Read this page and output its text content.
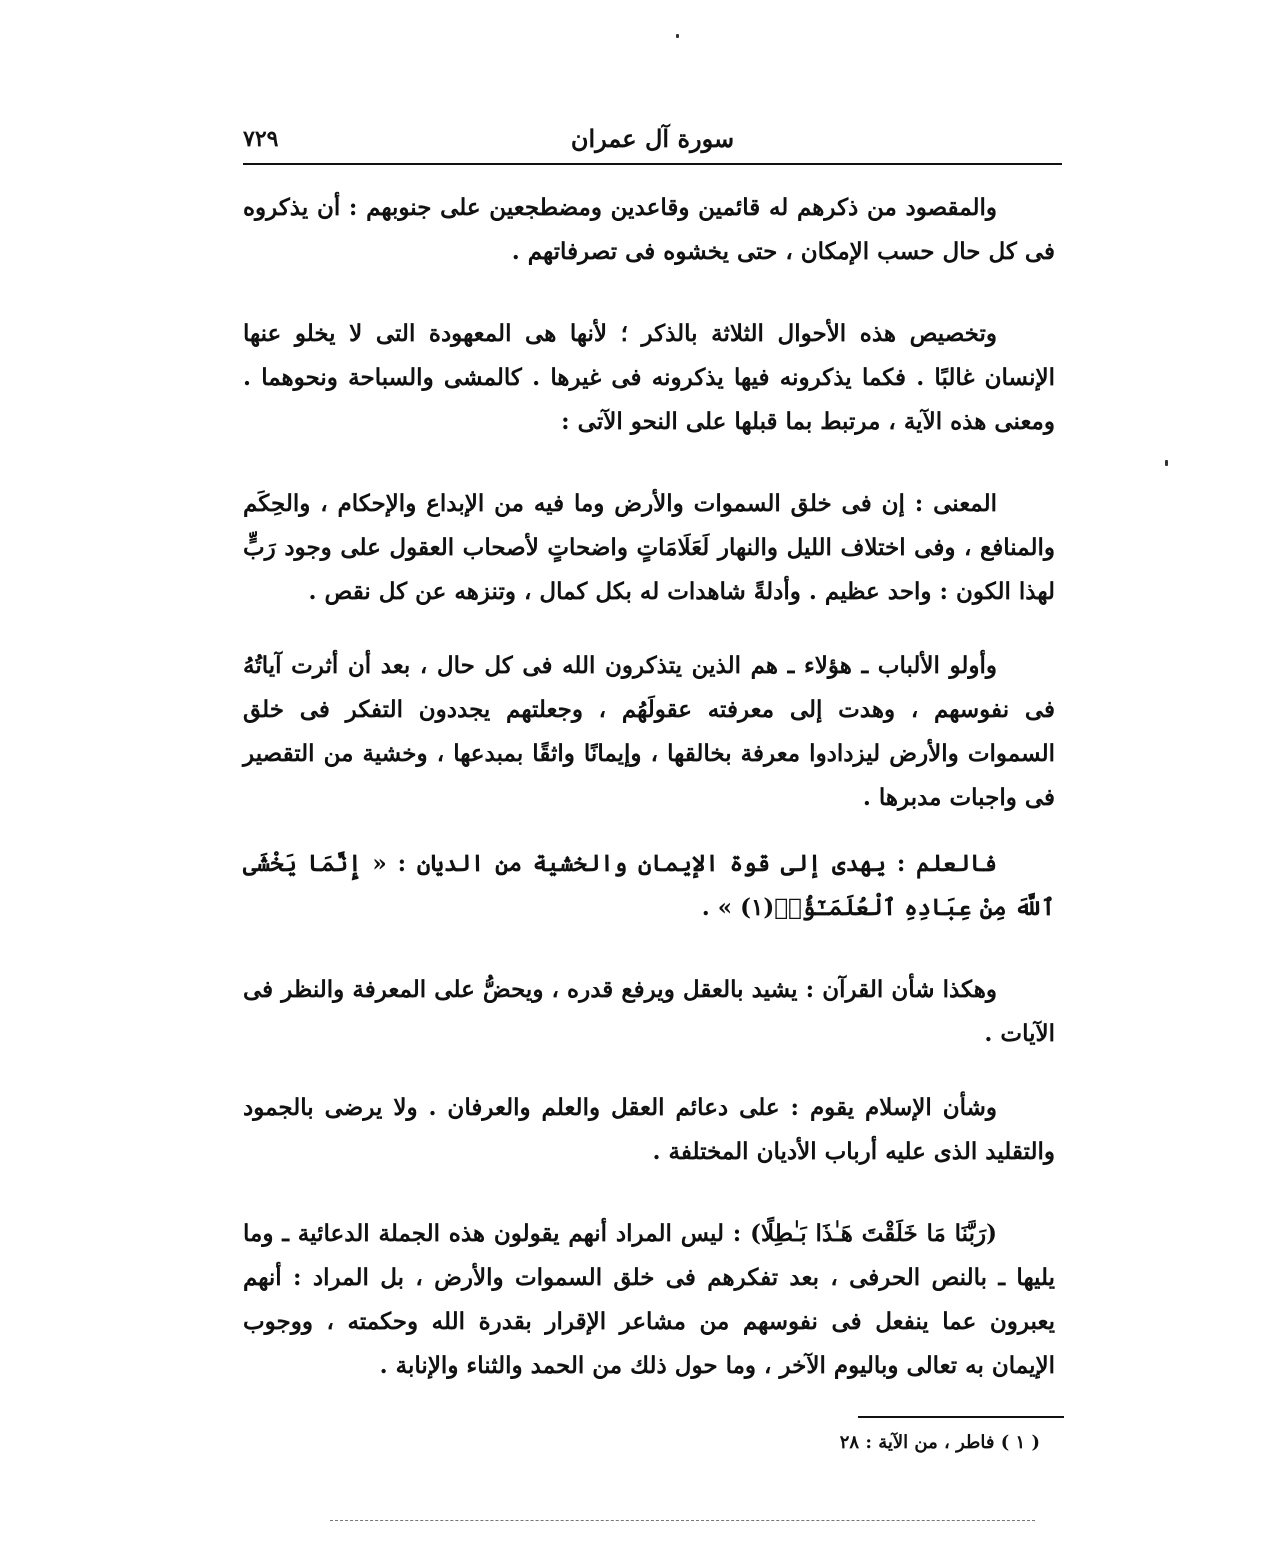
سورة آل عمران
٧٢٩

والمقصود من ذكرهم له قائمين وقاعدين ومضطجعين على جنوبهم : أن يذكروه فى كل حال حسب الإمكان ، حتى يخشوه فى تصرفاتهم .

وتخصيص هذه الأحوال الثلاثة بالذكر ؛ لأنها هى المعهودة التى لا يخلو عنها الإنسان غالبًا . فكما يذكرونه فيها يذكرونه فى غيرها . كالمشى والسباحة ونحوهما . ومعنى هذه الآية ، مرتبط بما قبلها على النحو الآتى :

المعنى : إن فى خلق السموات والأرض وما فيه من الإبداع والإحكام ، والحِكَم والمنافع ، وفى اختلاف الليل والنهار لَعَلَامَاتٍ واضحاتٍ لأصحاب العقول على وجود رَبٍّ لهذا الكون : واحد عظيم . وأدلةً شاهدات له بكل كمال ، وتنزهه عن كل نقص .

وأولو الألباب ـ هؤلاء ـ هم الذين يتذكرون الله فى كل حال ، بعد أن أثرت آياتُهُ فى نفوسهم ، وهدت إلى معرفته عقولَهُم ، وجعلتهم يجددون التفكر فى خلق السموات والأرض ليزدادوا معرفة بخالقها ، وإيمانًا واثقًا بمبدعها ، وخشية من التقصير فى واجبات مدبرها .

فالعلم : يهدى إلى قوة الإيمان والخشية من الديان : « إِنَّمَا يَخْشَى ٱللَّهَ مِنْ عِبَادِهِ ٱلْعُلَمَـٰٓؤُا۟(١) » .

وهكذا شأن القرآن : يشيد بالعقل ويرفع قدره ، ويحضُّ على المعرفة والنظر فى الآيات .

وشأن الإسلام يقوم : على دعائم العقل والعلم والعرفان . ولا يرضى بالجمود والتقليد الذى عليه أرباب الأديان المختلفة .

(رَبَّنَا مَا خَلَقْتَ هَـٰذَا بَـٰطِلًا) : ليس المراد أنهم يقولون هذه الجملة الدعائية ـ وما يليها ـ بالنص الحرفى ، بعد تفكرهم فى خلق السموات والأرض ، بل المراد : أنهم يعبرون عما ينفعل فى نفوسهم من مشاعر الإقرار بقدرة الله وحكمته ، ووجوب الإيمان به تعالى وباليوم الآخر ، وما حول ذلك من الحمد والثناء والإنابة .

( ١ ) فاطر ، من الآية : ٢٨
